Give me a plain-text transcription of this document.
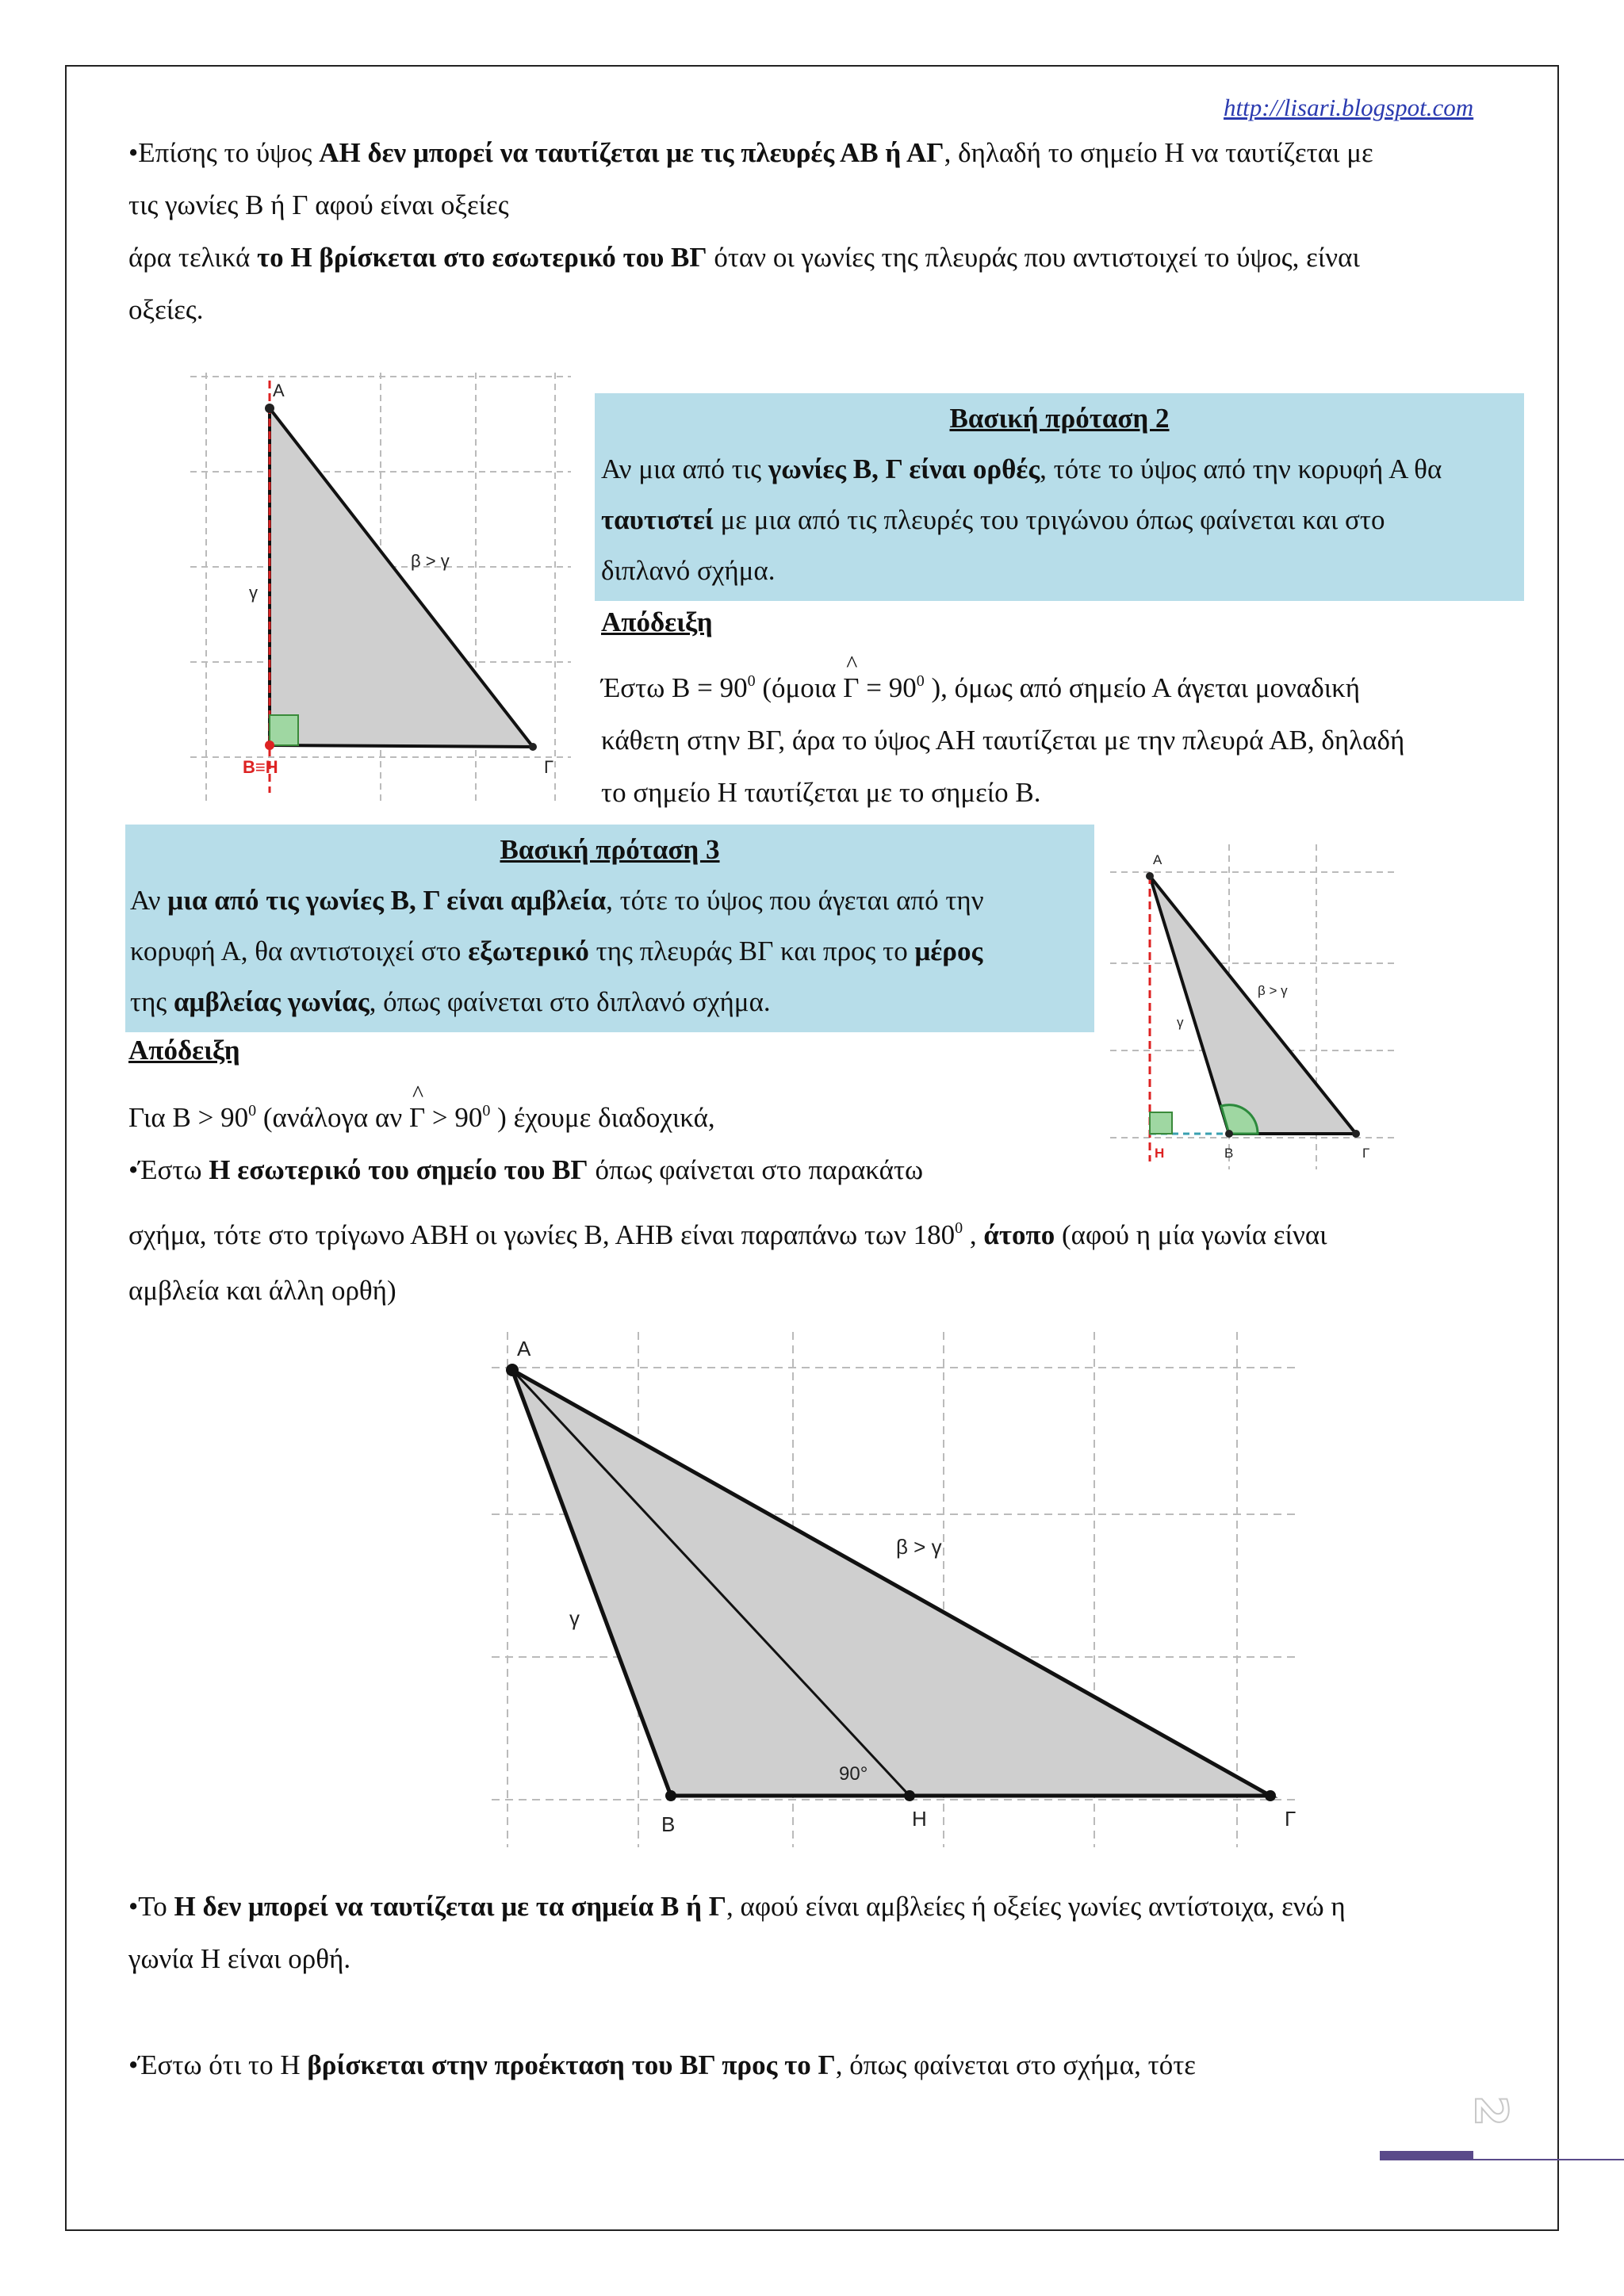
http://lisari.blogspot.com
•Επίσης το ύψος ΑΗ δεν μπορεί να ταυτίζεται με τις πλευρές ΑΒ ή ΑΓ, δηλαδή το σημείο Η να ταυτίζεται με
τις γωνίες Β ή Γ αφού είναι οξείες
άρα τελικά το Η βρίσκεται στο εσωτερικό του ΒΓ όταν οι γωνίες της πλευράς που αντιστοιχεί το ύψος, είναι
οξείες.
A
γ
β > γ
Β≡Η	Γ
Βασική πρόταση 2
Αν μια από τις γωνίες Β, Γ είναι ορθές, τότε το ύψος από την κορυφή Α θα
ταυτιστεί με μια από τις πλευρές του τριγώνου όπως φαίνεται και στο
διπλανό σχήμα.
Απόδειξη
Έστω $B = 90^0$ (όμοια ^ $\Gamma = 90^0$ ), όμως από σημείο Α άγεται μοναδική
κάθετη στην ΒΓ, άρα το ύψος ΑΗ ταυτίζεται με την πλευρά ΑΒ, δηλαδή
το σημείο Η ταυτίζεται με το σημείο Β.
Βασική πρόταση 3
Αν μια από τις γωνίες Β, Γ είναι αμβλεία, τότε το ύψος που άγεται από την
κορυφή Α, θα αντιστοιχεί στο εξωτερικό της πλευράς ΒΓ και προς το μέρος
της αμβλείας γωνίας, όπως φαίνεται στο διπλανό σχήμα.
A
γ
β > γ
Η	Β	Γ
Απόδειξη
Για $B > 90^0$ (ανάλογα αν ^ $\Gamma > 90^0$ ) έχουμε διαδοχικά,
•Έστω Η εσωτερικό του σημείο του ΒΓ όπως φαίνεται στο παρακάτω
σχήμα, τότε στο τρίγωνο ΑΒΗ οι γωνίες Β, ΑΗΒ είναι παραπάνω των $180^0$ , άτοπο (αφού η μία γωνία είναι
αμβλεία και άλλη ορθή)
A
γ
β > γ
90°
B	Η	Γ
•Το Η δεν μπορεί να ταυτίζεται με τα σημεία Β ή Γ, αφού είναι αμβλείες ή οξείες γωνίες αντίστοιχα, ενώ η
γωνία Η είναι ορθή.
•Έστω ότι το Η βρίσκεται στην προέκταση του ΒΓ προς το Γ, όπως φαίνεται στο σχήμα, τότε
2
